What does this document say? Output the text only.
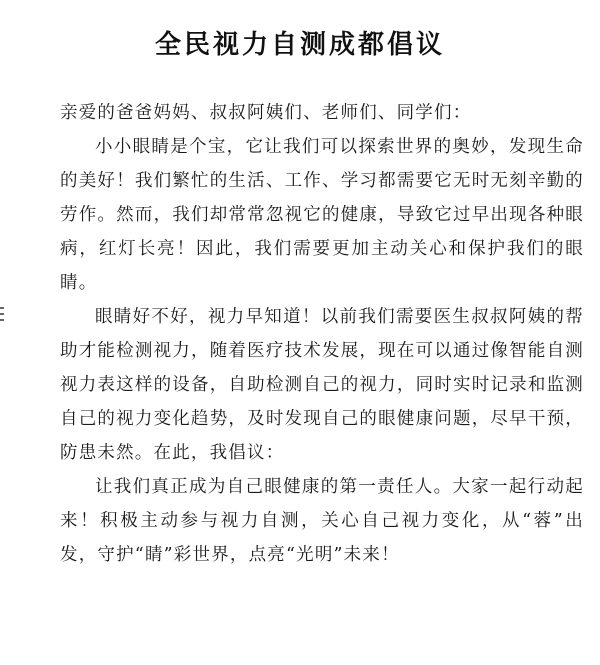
全民视力自测成都倡议

亲爱的爸爸妈妈、叔叔阿姨们、老师们、同学们：

小小眼睛是个宝，它让我们可以探索世界的奥妙，发现生命的美好！我们繁忙的生活、工作、学习都需要它无时无刻辛勤的劳作。然而，我们却常常忽视它的健康，导致它过早出现各种眼病，红灯长亮！因此，我们需要更加主动关心和保护我们的眼睛。

眼睛好不好，视力早知道！以前我们需要医生叔叔阿姨的帮助才能检测视力，随着医疗技术发展，现在可以通过像智能自测视力表这样的设备，自助检测自己的视力，同时实时记录和监测自己的视力变化趋势，及时发现自己的眼健康问题，尽早干预，防患未然。在此，我倡议：

让我们真正成为自己眼健康的第一责任人。大家一起行动起来！积极主动参与视力自测，关心自己视力变化，从“蓉”出发，守护“睛”彩世界，点亮“光明”未来！
